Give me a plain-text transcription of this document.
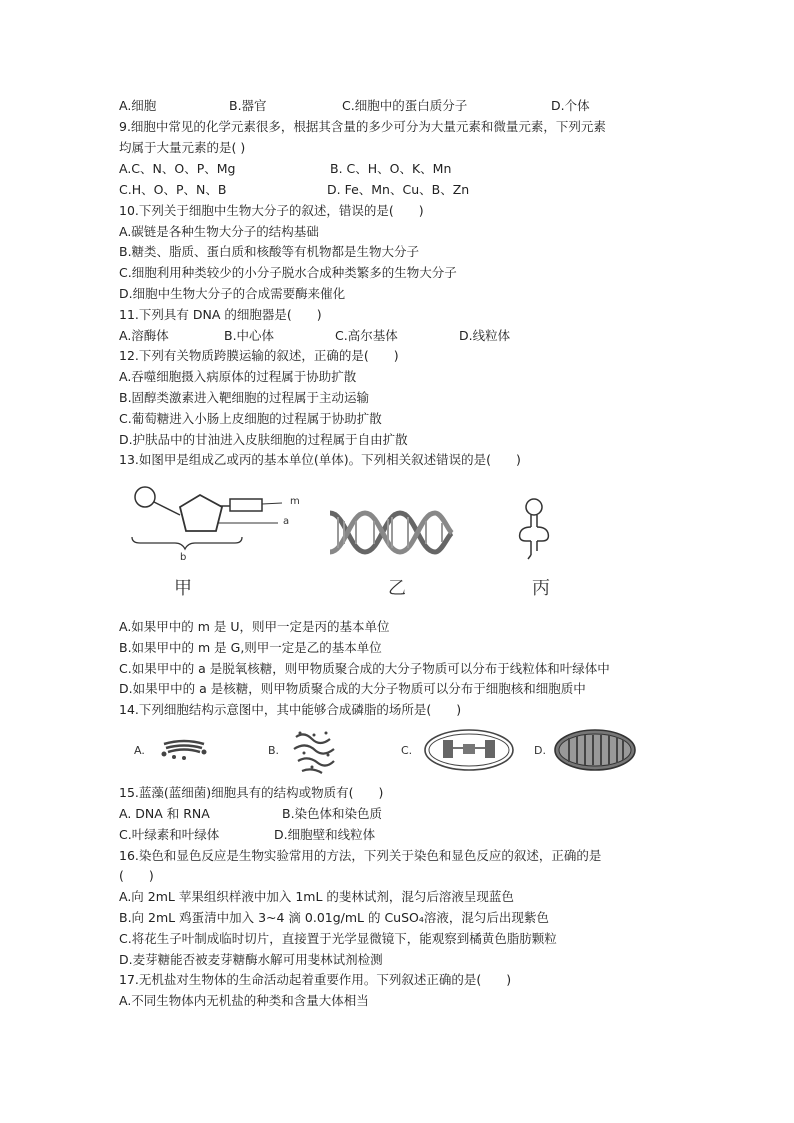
A.细胞	B.器官	C.细胞中的蛋白质分子	D.个体
9.细胞中常见的化学元素很多，根据其含量的多少可分为大量元素和微量元素，下列元素
均属于大量元素的是( )
A.C、N、O、P、Mg	B. C、H、O、K、Mn
C.H、O、P、N、B	D. Fe、Mn、Cu、B、Zn
10.下列关于细胞中生物大分子的叙述，错误的是(　　)
A.碳链是各种生物大分子的结构基础
B.糖类、脂质、蛋白质和核酸等有机物都是生物大分子
C.细胞利用种类较少的小分子脱水合成种类繁多的生物大分子
D.细胞中生物大分子的合成需要酶来催化
11.下列具有 DNA 的细胞器是(　　)
A.溶酶体	B.中心体	C.高尔基体	D.线粒体
12.下列有关物质跨膜运输的叙述，正确的是(　　)
A.吞噬细胞摄入病原体的过程属于协助扩散
B.固醇类激素进入靶细胞的过程属于主动运输
C.葡萄糖进入小肠上皮细胞的过程属于协助扩散
D.护肤品中的甘油进入皮肤细胞的过程属于自由扩散
13.如图甲是组成乙或丙的基本单位(单体)。下列相关叙述错误的是(　　)
m
a
b
甲	乙	丙
A.如果甲中的 m 是 U，则甲一定是丙的基本单位
B.如果甲中的 m 是 G,则甲一定是乙的基本单位
C.如果甲中的 a 是脱氧核糖，则甲物质聚合成的大分子物质可以分布于线粒体和叶绿体中
D.如果甲中的 a 是核糖，则甲物质聚合成的大分子物质可以分布于细胞核和细胞质中
14.下列细胞结构示意图中，其中能够合成磷脂的场所是(　　)
A.	B.	C.	D.
15.蓝藻(蓝细菌)细胞具有的结构或物质有(　　)
A. DNA 和 RNA	B.染色体和染色质
C.叶绿素和叶绿体	D.细胞壁和线粒体
16.染色和显色反应是生物实验常用的方法，下列关于染色和显色反应的叙述，正确的是
(　　)
A.向 2mL 苹果组织样液中加入 1mL 的斐林试剂，混匀后溶液呈现蓝色
B.向 2mL 鸡蛋清中加入 3~4 滴 0.01g/mL 的 CuSO₄溶液，混匀后出现紫色
C.将花生子叶制成临时切片，直接置于光学显微镜下，能观察到橘黄色脂肪颗粒
D.麦芽糖能否被麦芽糖酶水解可用斐林试剂检测
17.无机盐对生物体的生命活动起着重要作用。下列叙述正确的是(　　)
A.不同生物体内无机盐的种类和含量大体相当
